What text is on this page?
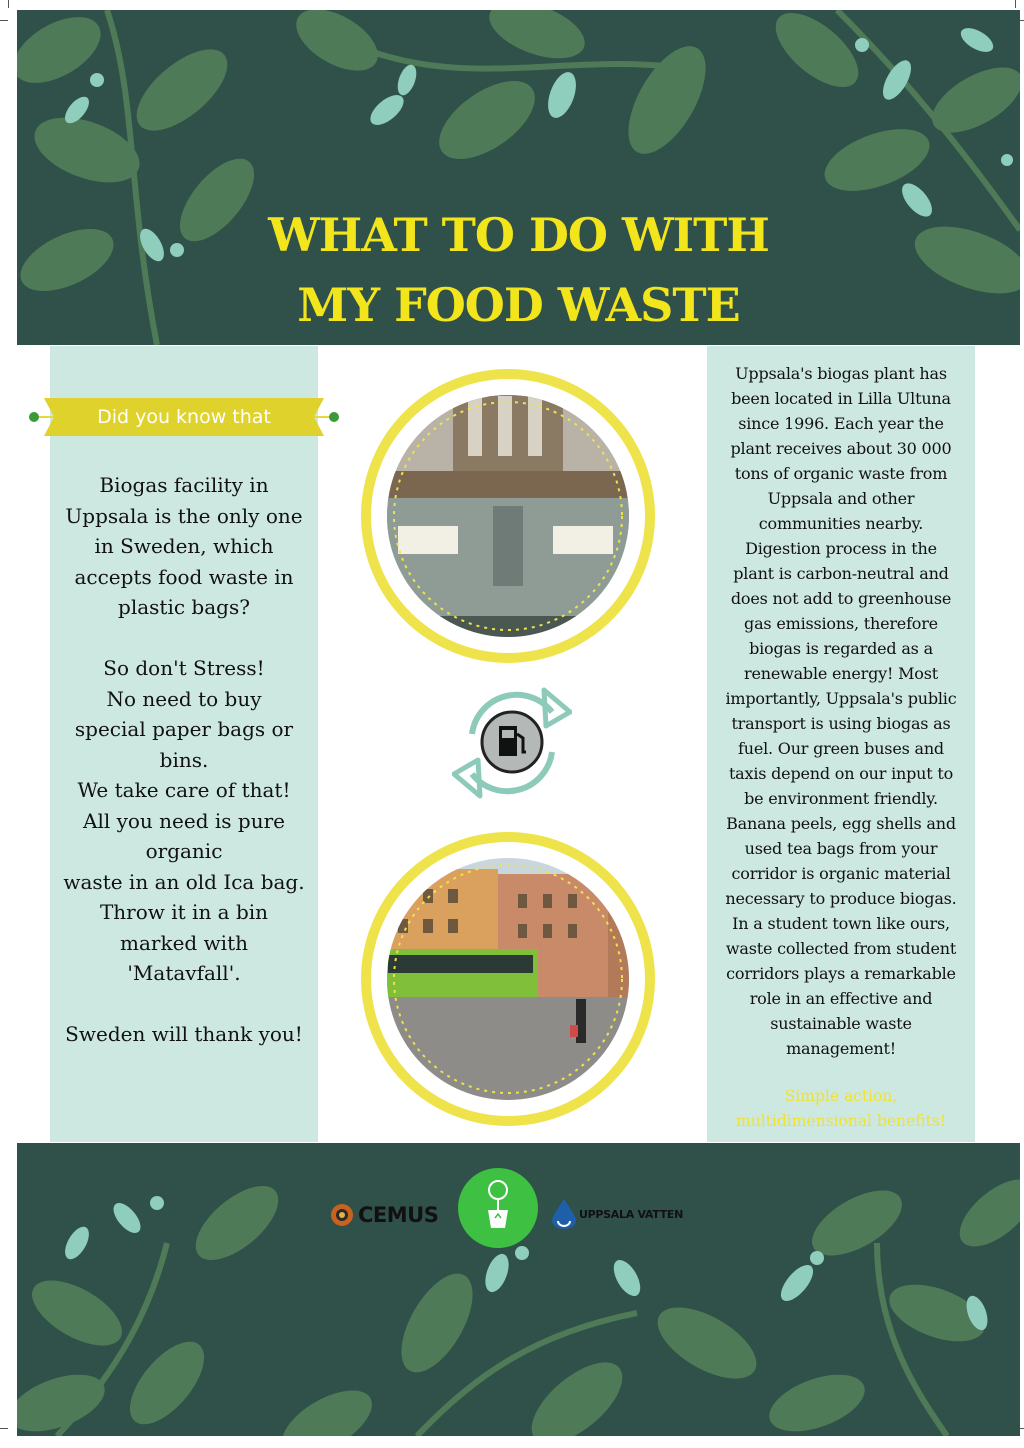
WHAT TO DO WITH
MY FOOD WASTE
Did you know that

Biogas facility in

Uppsala is the only one

in Sweden, which

accepts food waste in

plastic bags?

So don't Stress!

No need to buy

special paper bags or

bins.

We take care of that!

All you need is pure

organic

waste in an old Ica bag.

Throw it in a bin

marked with

'Matavfall'.

Sweden will thank you!

Uppsala's biogas plant has
been located in Lilla Ultuna
since 1996. Each year the
plant receives about 30 000
tons of organic waste from
Uppsala and other
communities nearby.
Digestion process in the
plant is carbon-neutral and
does not add to greenhouse
gas emissions, therefore
biogas is regarded as a
renewable energy! Most
importantly, Uppsala's public
transport is using biogas as
fuel. Our green buses and
taxis depend on our input to
be environment friendly.
Banana peels, egg shells and
used tea bags from your
corridor is organic material
necessary to produce biogas.
In a student town like ours,
waste collected from student
corridors plays a remarkable
role in an effective and
sustainable waste
management!
Simple action,
multidimensional benefits!
CEMUS	UPPSALA VATTEN
